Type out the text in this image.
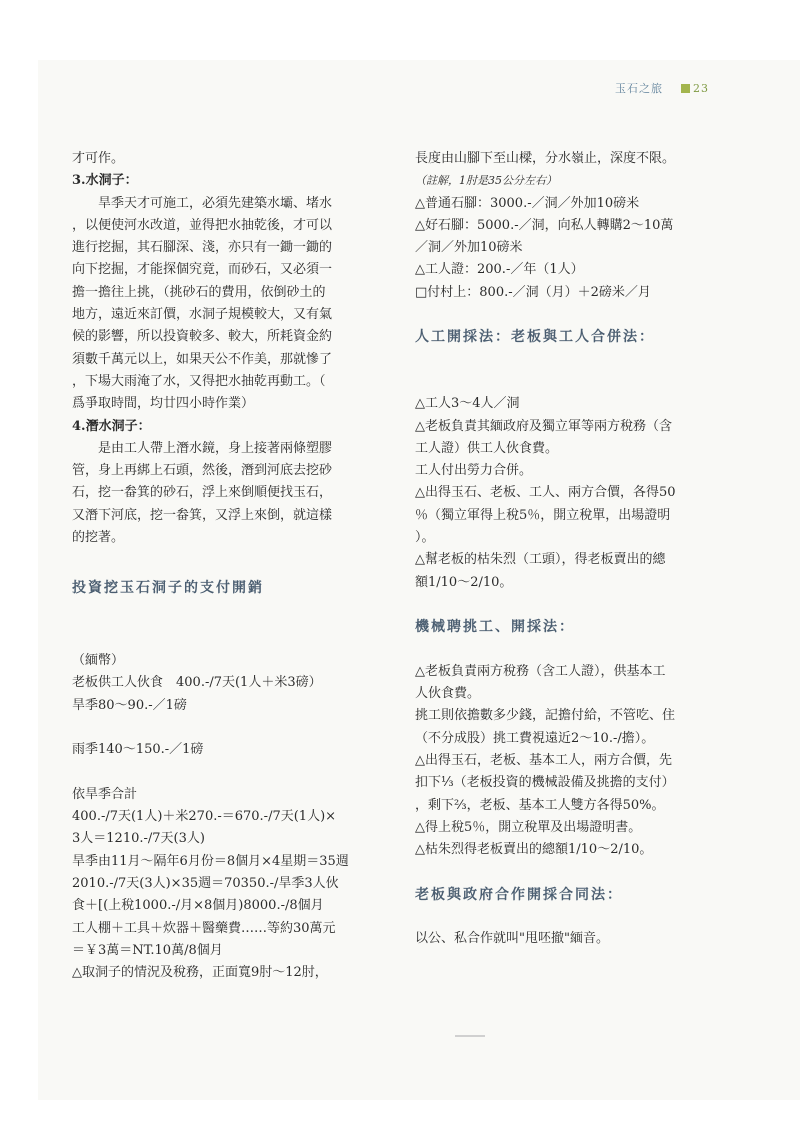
玉石之旅	23
才可作。
3.水洞子：
旱季天才可施工，必須先建築水壩、堵水
，以便使河水改道，並得把水抽乾後，才可以
進行挖掘，其石腳深、淺，亦只有一鋤一鋤的
向下挖掘，才能探個究竟，而砂石，又必須一
擔一擔往上挑，（挑砂石的費用，依倒砂土的
地方，遠近來訂價，水洞子規模較大，又有氣
候的影響，所以投資較多、較大，所耗資金約
須數千萬元以上，如果天公不作美，那就慘了
，下場大雨淹了水，又得把水抽乾再動工。（
爲爭取時間，均廿四小時作業）
4.潛水洞子：
是由工人帶上潛水鏡，身上接著兩條塑膠
管，身上再綁上石頭，然後，潛到河底去挖砂
石，挖一畚箕的砂石，浮上來倒順便找玉石，
又潛下河底，挖一畚箕，又浮上來倒，就這樣
的挖著。
投資挖玉石洞子的支付開銷
（緬幣）
老板供工人伙食　400.-/7天(1人＋米3磅）
旱季80～90.-／1磅
雨季140～150.-／1磅
依旱季合計
400.-/7天(1人)＋米270.-＝670.-/7天(1人)×
3人＝1210.-/7天(3人)
旱季由11月～隔年6月份＝8個月×4星期＝35週
2010.-/7天(3人)×35週＝70350.-/旱季3人伙
食＋[(上稅1000.-/月×8個月)8000.-/8個月
工人棚＋工具＋炊器＋醫藥費……等約30萬元
＝￥3萬＝NT.10萬/8個月
△取洞子的情況及稅務，正面寬9肘～12肘，
長度由山腳下至山樑，分水嶺止，深度不限。
（註解，1肘是35公分左右）
△普通石腳：3000.-／洞／外加10磅米
△好石腳：5000.-／洞，向私人轉購2～10萬
／洞／外加10磅米
△工人證：200.-／年（1人）
□付村上：800.-／洞（月）＋2磅米／月
人工開採法：老板與工人合併法：
△工人3～4人／洞
△老板負責其緬政府及獨立軍等兩方稅務（含
工人證）供工人伙食費。
工人付出勞力合併。
△出得玉石、老板、工人、兩方合價，各得50
％（獨立軍得上稅5％，開立稅單，出場證明
）。
△幫老板的枯朱烈（工頭），得老板賣出的總
額1/10～2/10。
機械聘挑工、開採法：
△老板負責兩方稅務（含工人證），供基本工
人伙食費。
挑工則依擔數多少錢，記擔付給，不管吃、住
（不分成股）挑工費視遠近2～10.-/擔）。
△出得玉石，老板、基本工人，兩方合價，先
扣下⅓（老板投資的機械設備及挑擔的支付）
，剩下⅔，老板、基本工人雙方各得50%。
△得上稅5％，開立稅單及出場證明書。
△枯朱烈得老板賣出的總額1/10～2/10。
老板與政府合作開採合同法：
以公、私合作就叫"甩呸撤"緬音。
